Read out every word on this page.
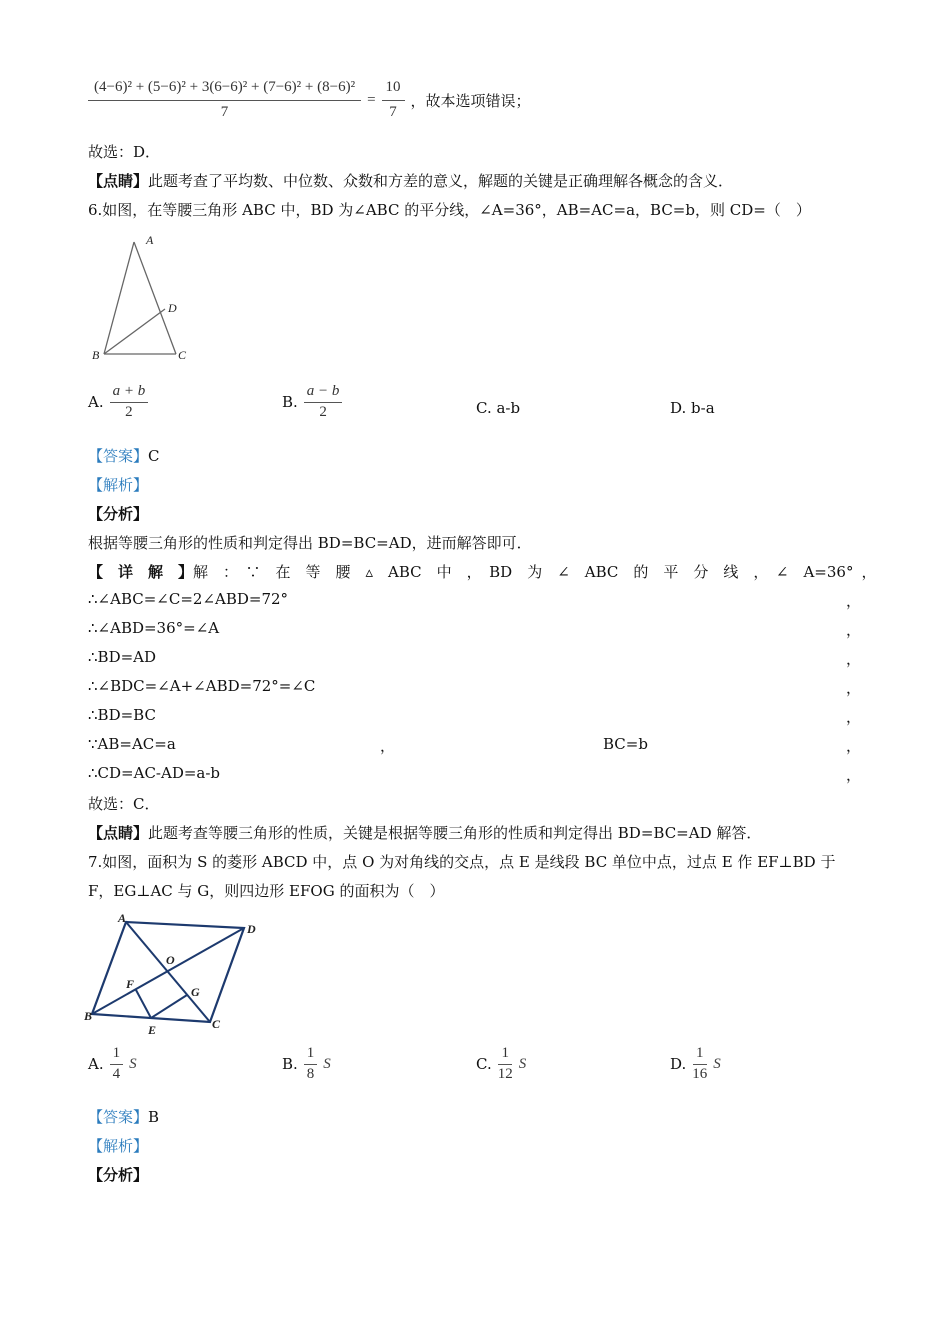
$\frac{\text{(4−6)² + (5−6)² + 3(6−6)² + (7−6)² + (8−6)²}}{7} = \frac{10}{7}$ ，故本选项错误；
故选：D．
【点睛】此题考查了平均数、中位数、众数和方差的意义，解题的关键是正确理解各概念的含义．
6.如图，在等腰三角形 ABC 中，BD 为∠ABC 的平分线，∠A=36°，AB=AC=a，BC=b，则 CD=（　）
A
B	C
D
A. $\frac{a + b}{2}$	B. $\frac{a - b}{2}$	C. a-b	D. b-a
【答案】C
【解析】
【分析】
根据等腰三角形的性质和判定得出 BD=BC=AD，进而解答即可．
【　详　解　】 解　：　∵　在　等　腰　▵　ABC　中　，　BD　为　∠　ABC　的　平　分　线　，　∠　A=36° ，
∴∠ABC=∠C=2∠ABD=72°	，
∴∠ABD=36°=∠A	，
∴BD=AD	，
∴∠BDC=∠A+∠ABD=72°=∠C	，
∴BD=BC	，
∵AB=AC=a	，	BC=b	，
∴CD=AC-AD=a-b	，
故选：C．
【点睛】此题考查等腰三角形的性质，关键是根据等腰三角形的性质和判定得出 BD=BC=AD 解答．
7.如图，面积为 S 的菱形 ABCD 中，点 O 为对角线的交点，点 E 是线段 BC 单位中点，过点 E 作 EF⊥BD 于
F，EG⊥AC 与 G，则四边形 EFOG 的面积为（　）
A
B
C
D
O
E
F
G
A. $\frac{1}{4}$ S	B. $\frac{1}{8}$ S	C. $\frac{1}{12}$ S	D. $\frac{1}{16}$ S
【答案】B
【解析】
【分析】
